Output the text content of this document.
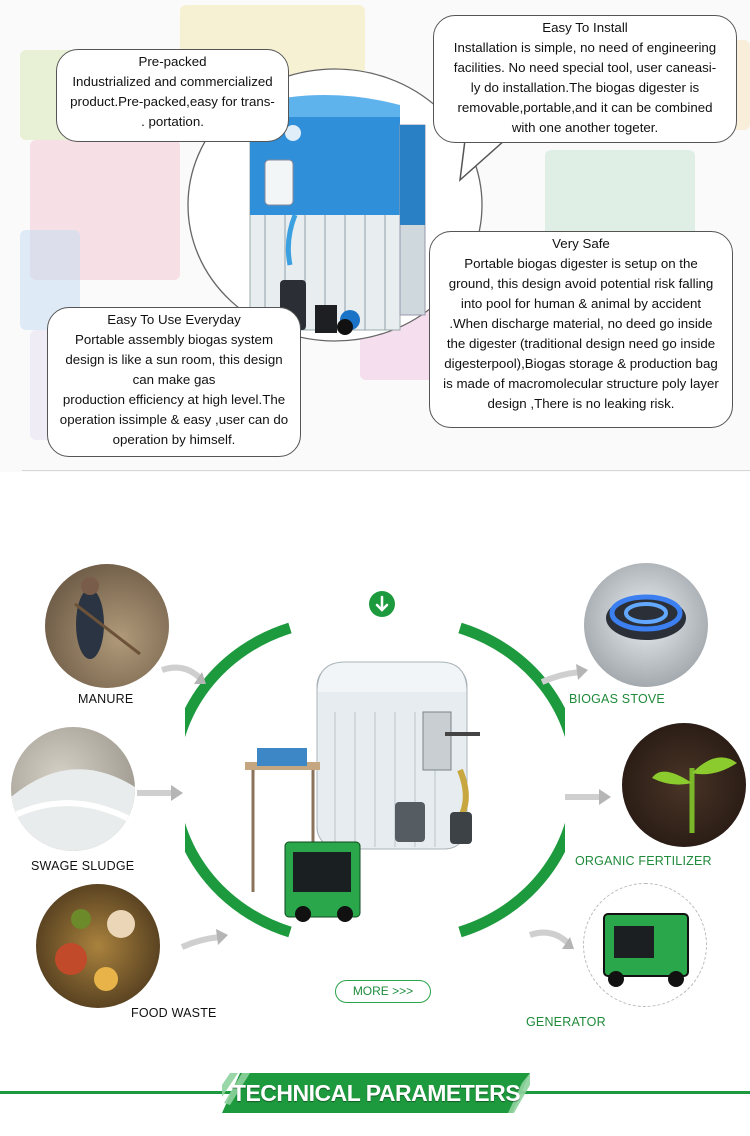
Pre-packed
Industrialized and commercialized
product.Pre-packed,easy for trans-
. portation.
Easy To Install
Installation is simple, no need of engineering
facilities. No need special tool, user caneasi-
ly do installation.The biogas digester is
removable,portable,and it can be combined
with one another togeter.
Very Safe
Portable biogas digester is setup on the
ground, this design avoid potential risk falling
into pool for human & animal by accident
.When discharge material, no deed go inside
the digester (traditional design need go inside
digesterpool),Biogas storage & production bag
is made of macromolecular structure poly layer
design ,There is no leaking risk.
Easy To Use Everyday
Portable assembly biogas system
design is like a sun room, this design
can make gas
production efficiency at high level.The
operation issimple & easy ,user can do
operation by himself.
MANURE
SWAGE SLUDGE
FOOD WASTE
BIOGAS STOVE
ORGANIC FERTILIZER
GENERATOR
MORE >>>
TECHNICAL PARAMETERS
